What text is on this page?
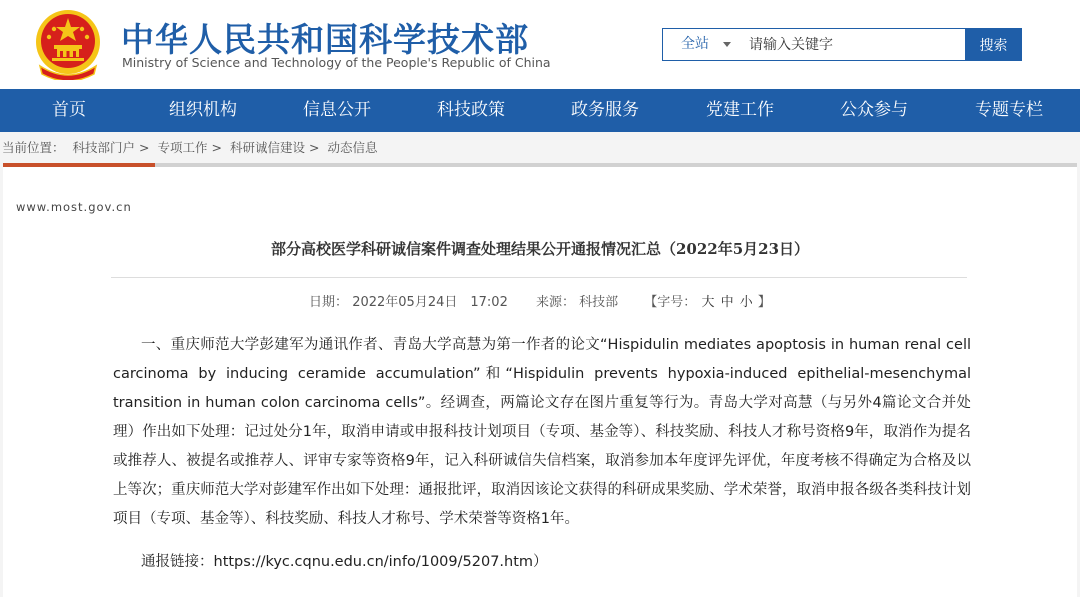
中华人民共和国科学技术部
Ministry of Science and Technology of the People's Republic of China
全站
请输入关键字	搜索
首页	组织机构	信息公开	科技政策	政务服务	党建工作	公众参与	专题专栏
当前位置： 科技部门户 > 专项工作 > 科研诚信建设 > 动态信息
www.most.gov.cn
部分高校医学科研诚信案件调查处理结果公开通报情况汇总（2022年5月23日）
日期： 2022年05月24日　17:02 来源： 科技部 【字号： 大 中 小 】
一、重庆师范大学彭建军为通讯作者、青岛大学高慧为第一作者的论文“Hispidulin mediates apoptosis in human renal cell carcinoma by inducing ceramide accumulation”和“Hispidulin prevents hypoxia-induced epithelial-mesenchymal transition in human colon carcinoma cells”。经调查，两篇论文存在图片重复等行为。青岛大学对高慧（与另外4篇论文合并处理）作出如下处理：记过处分1年，取消申请或申报科技计划项目（专项、基金等）、科技奖励、科技人才称号资格9年，取消作为提名或推荐人、被提名或推荐人、评审专家等资格9年，记入科研诚信失信档案，取消参加本年度评先评优，年度考核不得确定为合格及以上等次；重庆师范大学对彭建军作出如下处理：通报批评，取消因该论文获得的科研成果奖励、学术荣誉，取消申报各级各类科技计划项目（专项、基金等）、科技奖励、科技人才称号、学术荣誉等资格1年。
通报链接：https://kyc.cqnu.edu.cn/info/1009/5207.htm）
